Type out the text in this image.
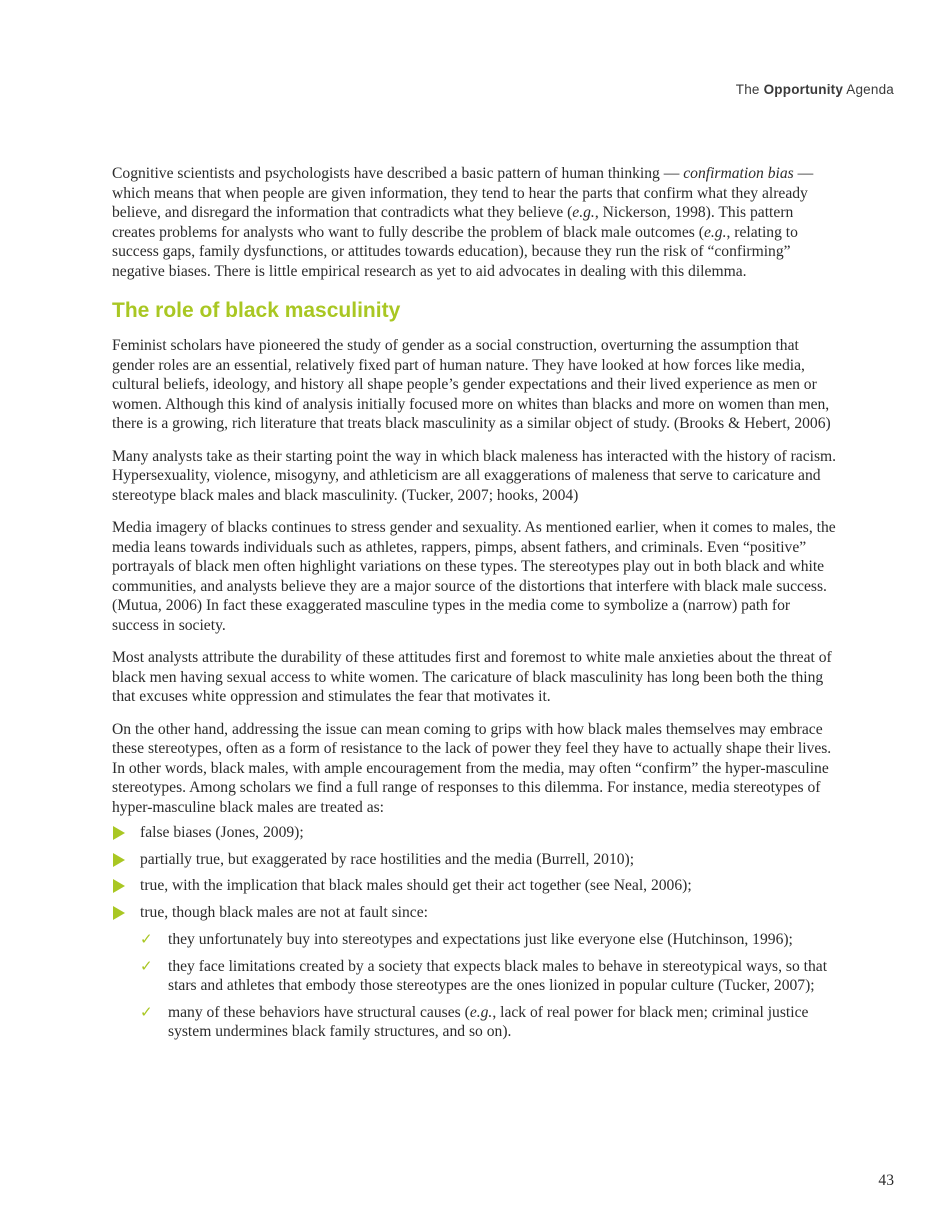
The Opportunity Agenda

Cognitive scientists and psychologists have described a basic pattern of human thinking — confirmation bias — which means that when people are given information, they tend to hear the parts that confirm what they already believe, and disregard the information that contradicts what they believe (e.g., Nickerson, 1998). This pattern creates problems for analysts who want to fully describe the problem of black male outcomes (e.g., relating to success gaps, family dysfunctions, or attitudes towards education), because they run the risk of “confirming” negative biases. There is little empirical research as yet to aid advocates in dealing with this dilemma.

The role of black masculinity

Feminist scholars have pioneered the study of gender as a social construction, overturning the assumption that gender roles are an essential, relatively fixed part of human nature. They have looked at how forces like media, cultural beliefs, ideology, and history all shape people’s gender expectations and their lived experience as men or women. Although this kind of analysis initially focused more on whites than blacks and more on women than men, there is a growing, rich literature that treats black masculinity as a similar object of study. (Brooks & Hebert, 2006)

Many analysts take as their starting point the way in which black maleness has interacted with the history of racism. Hypersexuality, violence, misogyny, and athleticism are all exaggerations of maleness that serve to caricature and stereotype black males and black masculinity. (Tucker, 2007; hooks, 2004)

Media imagery of blacks continues to stress gender and sexuality. As mentioned earlier, when it comes to males, the media leans towards individuals such as athletes, rappers, pimps, absent fathers, and criminals. Even “positive” portrayals of black men often highlight variations on these types. The stereotypes play out in both black and white communities, and analysts believe they are a major source of the distortions that interfere with black male success. (Mutua, 2006) In fact these exaggerated masculine types in the media come to symbolize a (narrow) path for success in society.

Most analysts attribute the durability of these attitudes first and foremost to white male anxieties about the threat of black men having sexual access to white women. The caricature of black masculinity has long been both the thing that excuses white oppression and stimulates the fear that motivates it.

On the other hand, addressing the issue can mean coming to grips with how black males themselves may embrace these stereotypes, often as a form of resistance to the lack of power they feel they have to actually shape their lives. In other words, black males, with ample encouragement from the media, may often “confirm” the hyper-masculine stereotypes. Among scholars we find a full range of responses to this dilemma. For instance, media stereotypes of hyper-masculine black males are treated as:

false biases (Jones, 2009);
partially true, but exaggerated by race hostilities and the media (Burrell, 2010);
true, with the implication that black males should get their act together (see Neal, 2006);
true, though black males are not at fault since:
✓ they unfortunately buy into stereotypes and expectations just like everyone else (Hutchinson, 1996);
✓ they face limitations created by a society that expects black males to behave in stereotypical ways, so that stars and athletes that embody those stereotypes are the ones lionized in popular culture (Tucker, 2007);
✓ many of these behaviors have structural causes (e.g., lack of real power for black men; criminal justice system undermines black family structures, and so on).
43
